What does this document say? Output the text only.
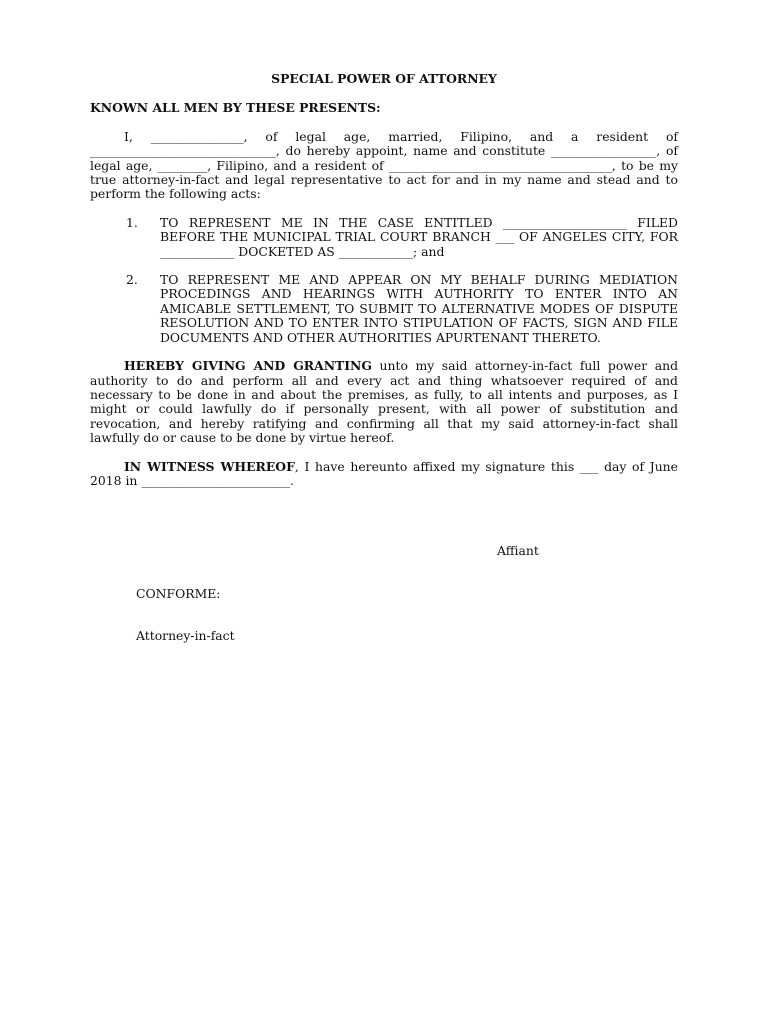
SPECIAL POWER OF ATTORNEY
KNOWN ALL MEN BY THESE PRESENTS:
I, _______________, of legal age, married, Filipino, and a resident of ______________________________, do hereby appoint, name and constitute _________________, of legal age, ________, Filipino, and a resident of ____________________________________, to be my true attorney-in-fact and legal representative to act for and in my name and stead and to perform the following acts:
1.	TO REPRESENT ME IN THE CASE ENTITLED ____________________ FILED BEFORE THE MUNICIPAL TRIAL COURT BRANCH ___ OF ANGELES CITY, FOR ____________ DOCKETED AS ____________; and
2.	TO REPRESENT ME AND APPEAR ON MY BEHALF DURING MEDIATION PROCEDINGS AND HEARINGS WITH AUTHORITY TO ENTER INTO AN AMICABLE SETTLEMENT, TO SUBMIT TO ALTERNATIVE MODES OF DISPUTE RESOLUTION AND TO ENTER INTO STIPULATION OF FACTS, SIGN AND FILE DOCUMENTS AND OTHER AUTHORITIES APURTENANT THERETO.
HEREBY GIVING AND GRANTING unto my said attorney-in-fact full power and authority to do and perform all and every act and thing whatsoever required of and necessary to be done in and about the premises, as fully, to all intents and purposes, as I might or could lawfully do if personally present, with all power of substitution and revocation, and hereby ratifying and confirming all that my said attorney-in-fact shall lawfully do or cause to be done by virtue hereof.
IN WITNESS WHEREOF, I have hereunto affixed my signature this ___ day of June 2018 in ________________________.
Affiant
CONFORME:
Attorney-in-fact
